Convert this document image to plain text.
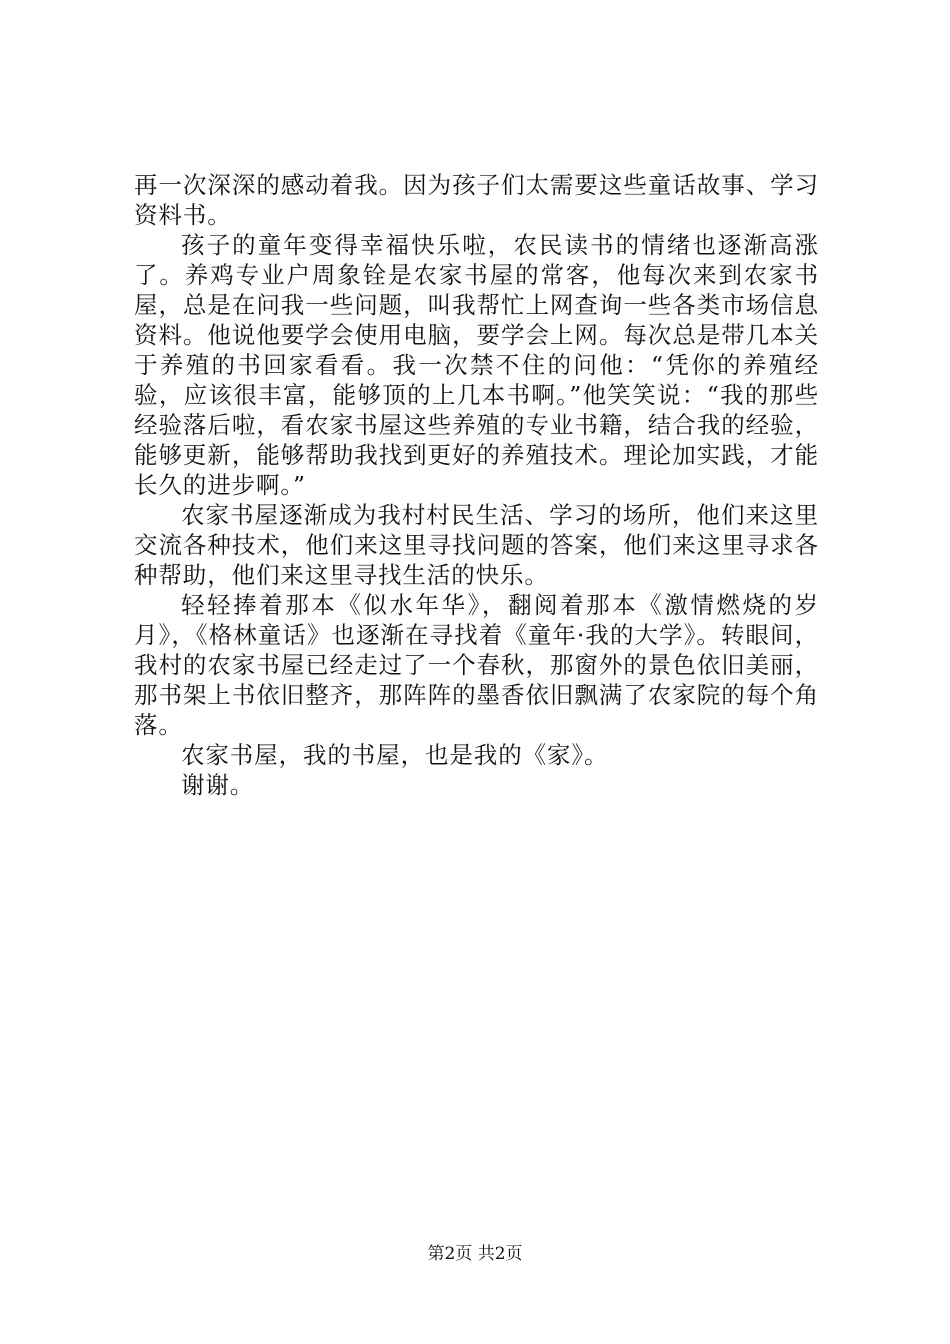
再一次深深的感动着我。因为孩子们太需要这些童话故事、学习资料书。

孩子的童年变得幸福快乐啦，农民读书的情绪也逐渐高涨了。养鸡专业户周象铨是农家书屋的常客，他每次来到农家书屋，总是在问我一些问题，叫我帮忙上网查询一些各类市场信息资料。他说他要学会使用电脑，要学会上网。每次总是带几本关于养殖的书回家看看。我一次禁不住的问他：“凭你的养殖经验，应该很丰富，能够顶的上几本书啊。”他笑笑说：“我的那些经验落后啦，看农家书屋这些养殖的专业书籍，结合我的经验，能够更新，能够帮助我找到更好的养殖技术。理论加实践，才能长久的进步啊。”

农家书屋逐渐成为我村村民生活、学习的场所，他们来这里交流各种技术，他们来这里寻找问题的答案，他们来这里寻求各种帮助，他们来这里寻找生活的快乐。

轻轻捧着那本《似水年华》，翻阅着那本《激情燃烧的岁月》，《格林童话》也逐渐在寻找着《童年·我的大学》。转眼间，我村的农家书屋已经走过了一个春秋，那窗外的景色依旧美丽，那书架上书依旧整齐，那阵阵的墨香依旧飘满了农家院的每个角落。

农家书屋，我的书屋，也是我的《家》。

谢谢。

第2页 共2页
